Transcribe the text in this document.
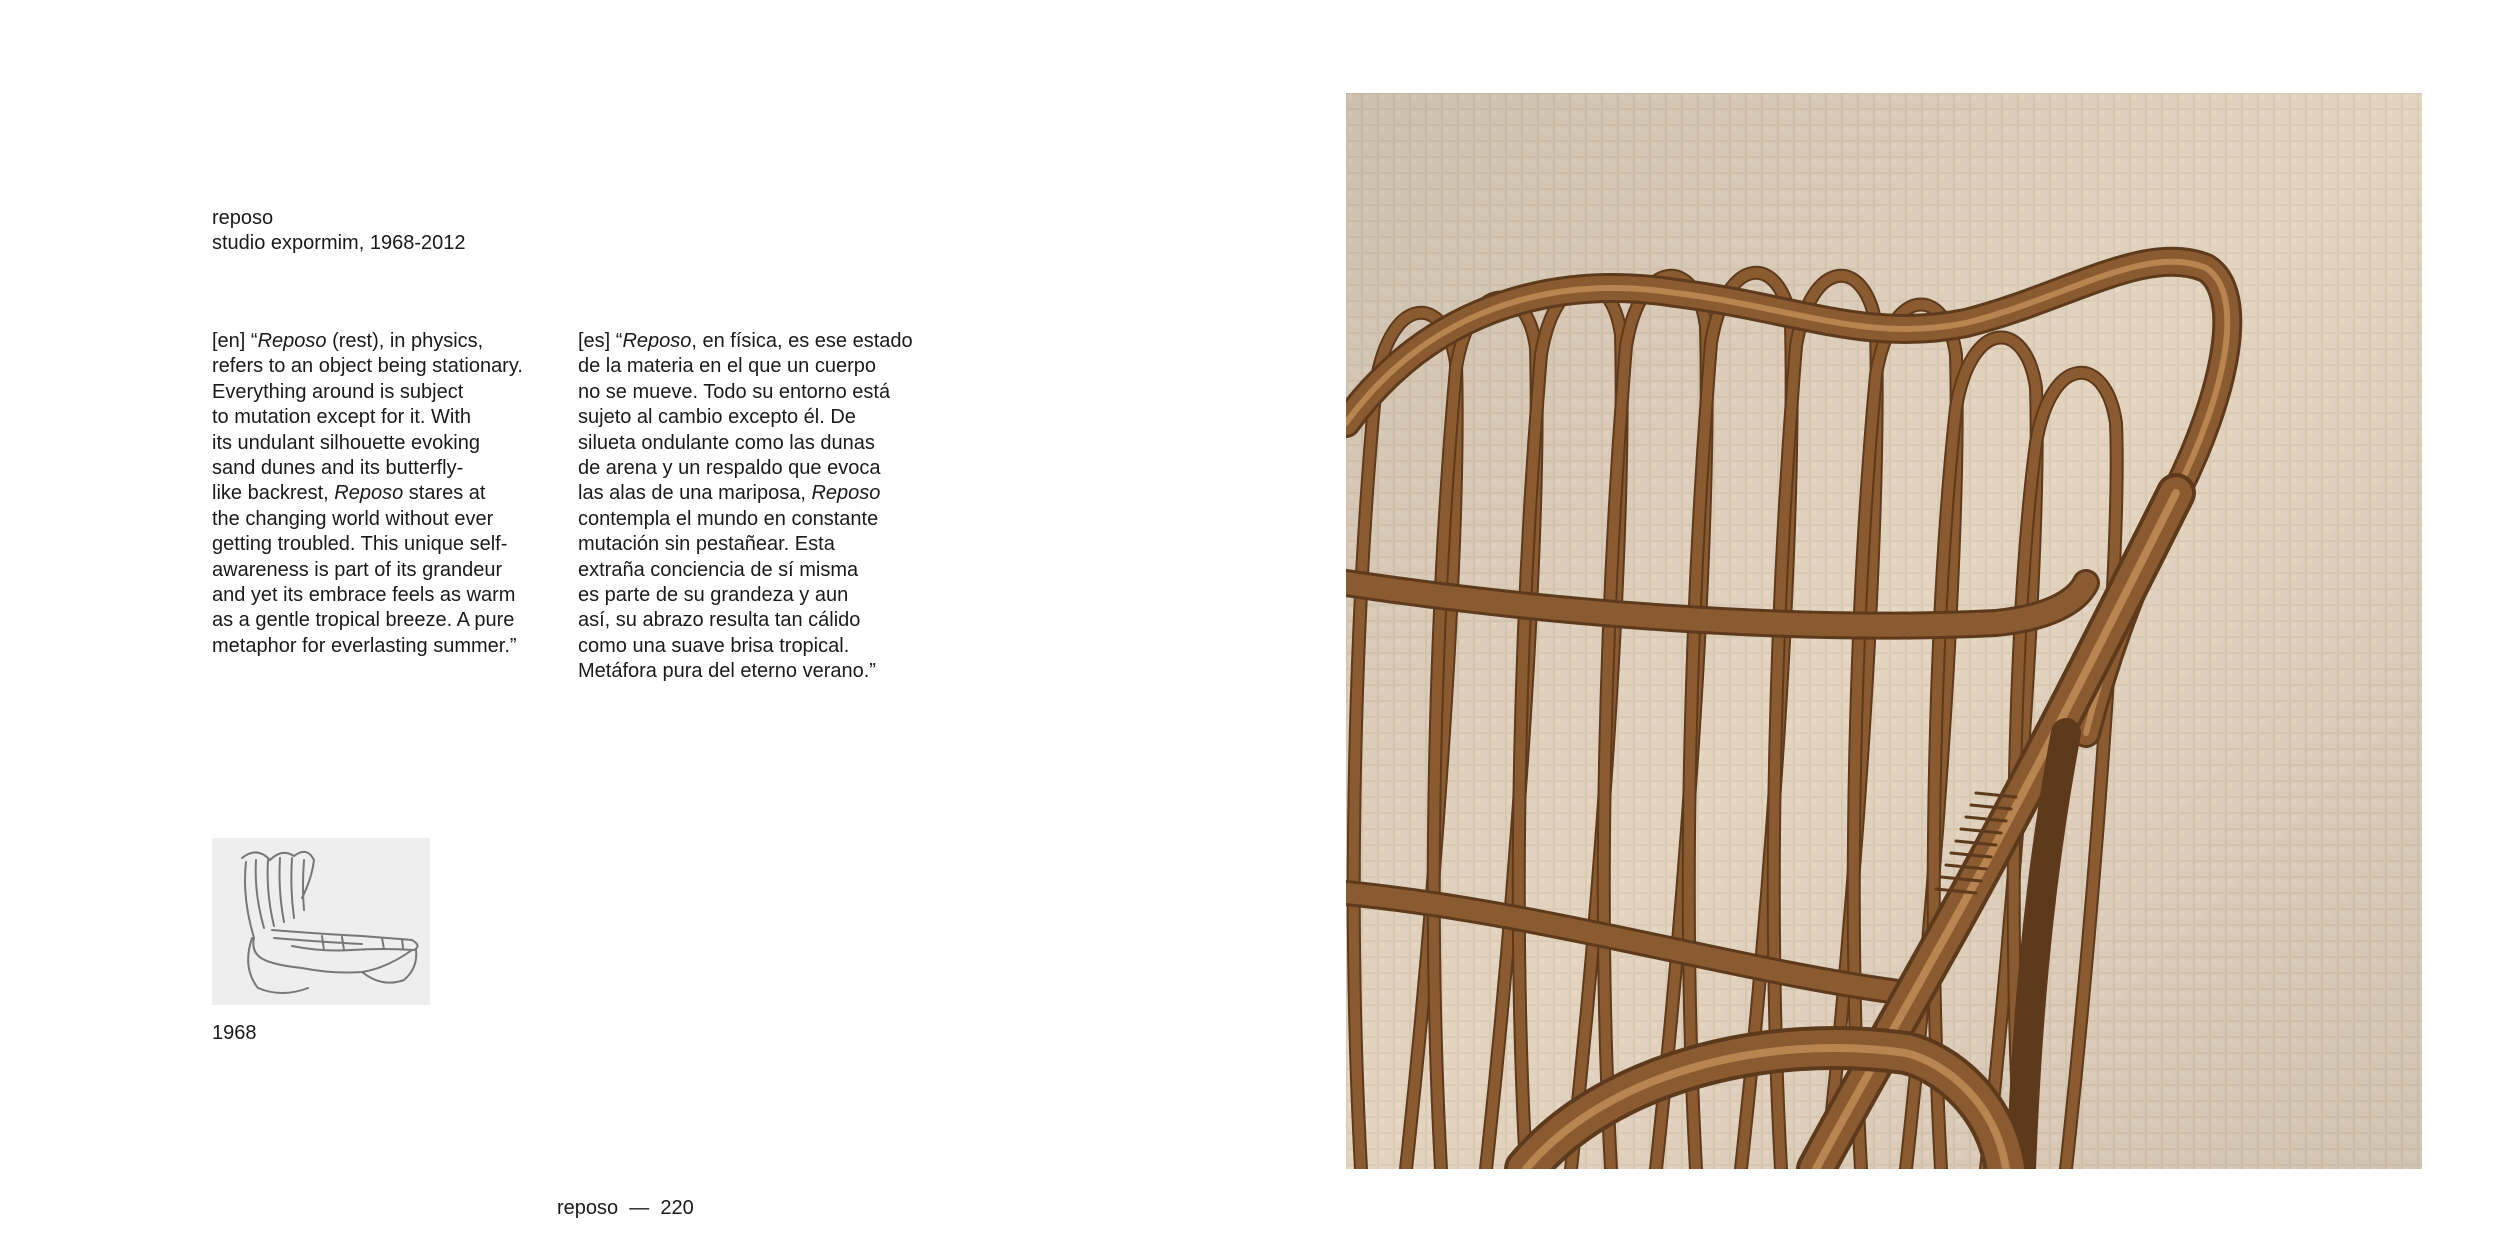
reposo
studio expormim, 1968-2012
[en] “Reposo (rest), in physics,
refers to an object being stationary.
Everything around is subject
to mutation except for it. With
its undulant silhouette evoking
sand dunes and its butterfly-
like backrest, Reposo stares at
the changing world without ever
getting troubled. This unique self-
awareness is part of its grandeur
and yet its embrace feels as warm
as a gentle tropical breeze. A pure
metaphor for everlasting summer.”
[es] “Reposo, en física, es ese estado
de la materia en el que un cuerpo
no se mueve. Todo su entorno está
sujeto al cambio excepto él. De
silueta ondulante como las dunas
de arena y un respaldo que evoca
las alas de una mariposa, Reposo
contempla el mundo en constante
mutación sin pestañear. Esta
extraña conciencia de sí misma
es parte de su grandeza y aun
así, su abrazo resulta tan cálido
como una suave brisa tropical.
Metáfora pura del eterno verano.”
1968
reposo  —  220
